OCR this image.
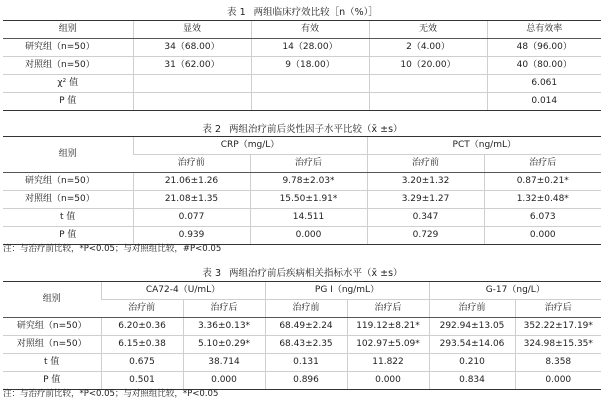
表 1 两组临床疗效比较［n（%）］
组别	显效	有效	无效	总有效率
研究组（n=50）	34（68.00）	14（28.00）	2（4.00）	48（96.00）
对照组（n=50）	31（62.00）	9（18.00）	10（20.00）	40（80.00）
χ² 值				6.061
P 值				0.014
表 2 两组治疗前后炎性因子水平比较（x̄ ±s）
组别	CRP（mg/L）		PCT（ng/mL）	
	治疗前	治疗后	治疗前	治疗后
研究组（n=50）	21.06±1.26	9.78±2.03*	3.20±1.32	0.87±0.21*
对照组（n=50）	21.08±1.35	15.50±1.91*	3.29±1.27	1.32±0.48*
t 值	0.077	14.511	0.347	6.073
P 值	0.939	0.000	0.729	0.000
注：与治疗前比较，*P<0.05；与对照组比较，#P<0.05
表 3 两组治疗前后疾病相关指标水平（x̄ ±s）
组别	CA72-4（U/mL）		PG Ⅰ（ng/mL）		G-17（ng/L）	
	治疗前	治疗后	治疗前	治疗后	治疗前	治疗后
研究组（n=50）	6.20±0.36	3.36±0.13*	68.49±2.24	119.12±8.21*	292.94±13.05	352.22±17.19*
对照组（n=50）	6.15±0.38	5.10±0.29*	68.43±2.35	102.97±5.09*	293.54±14.06	324.98±15.35*
t 值	0.675	38.714	0.131	11.822	0.210	8.358
P 值	0.501	0.000	0.896	0.000	0.834	0.000
注：与治疗前比较，*P<0.05；与对照组比较，*P<0.05
